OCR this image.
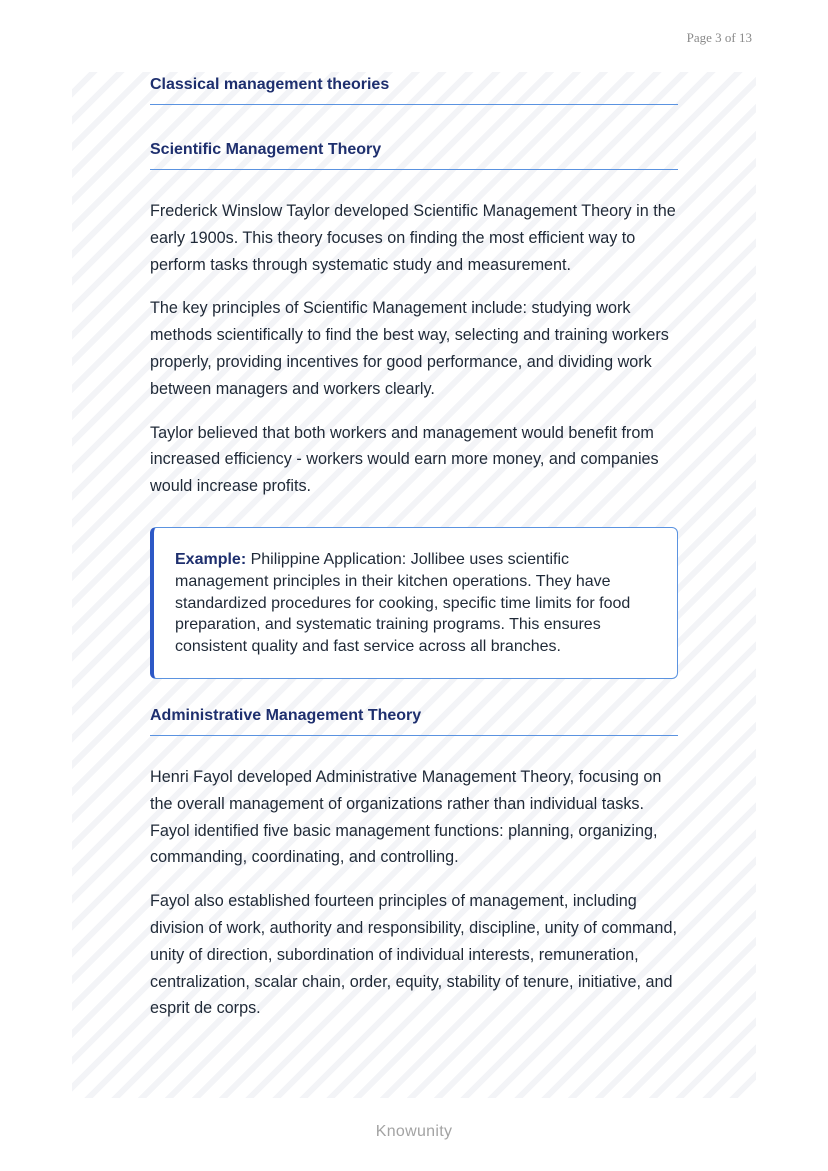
Page 3 of 13
Classical management theories
Scientific Management Theory

Frederick Winslow Taylor developed Scientific Management Theory in the early 1900s. This theory focuses on finding the most efficient way to perform tasks through systematic study and measurement.

The key principles of Scientific Management include: studying work methods scientifically to find the best way, selecting and training workers properly, providing incentives for good performance, and dividing work between managers and workers clearly.

Taylor believed that both workers and management would benefit from increased efficiency - workers would earn more money, and companies would increase profits.

Example: Philippine Application: Jollibee uses scientific management principles in their kitchen operations. They have standardized procedures for cooking, specific time limits for food preparation, and systematic training programs. This ensures consistent quality and fast service across all branches.

Administrative Management Theory

Henri Fayol developed Administrative Management Theory, focusing on the overall management of organizations rather than individual tasks. Fayol identified five basic management functions: planning, organizing, commanding, coordinating, and controlling.

Fayol also established fourteen principles of management, including division of work, authority and responsibility, discipline, unity of command, unity of direction, subordination of individual interests, remuneration, centralization, scalar chain, order, equity, stability of tenure, initiative, and esprit de corps.

Knowunity
